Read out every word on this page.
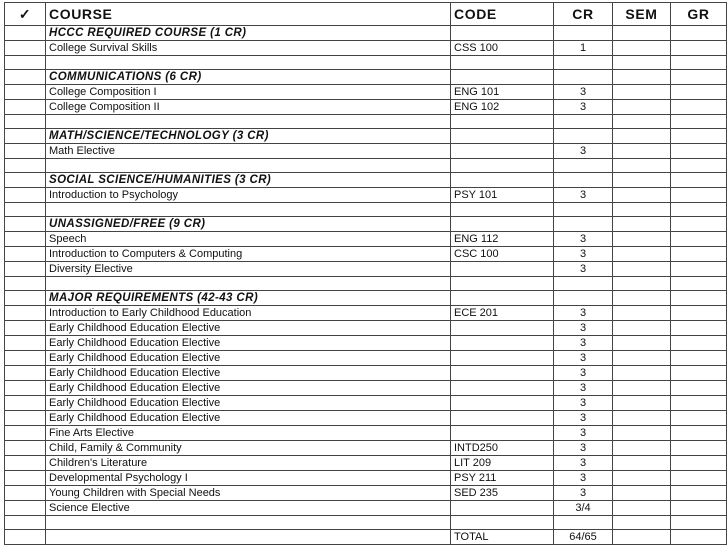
✓	COURSE	CODE	CR	SEM	GR
	HCCC REQUIRED COURSE (1 CR)				
	College Survival Skills	CSS 100	1		

	COMMUNICATIONS (6 CR)				
	College Composition I	ENG 101	3		
	College Composition II	ENG 102	3		

	MATH/SCIENCE/TECHNOLOGY (3 CR)				
	Math Elective		3		

	SOCIAL SCIENCE/HUMANITIES (3 CR)				
	Introduction to Psychology	PSY 101	3		

	UNASSIGNED/FREE (9 CR)				
	Speech	ENG 112	3		
	Introduction to Computers & Computing	CSC 100	3		
	Diversity Elective		3		

	MAJOR REQUIREMENTS (42-43 CR)				
	Introduction to Early Childhood Education	ECE 201	3		
	Early Childhood Education Elective		3		
	Early Childhood Education Elective		3		
	Early Childhood Education Elective		3		
	Early Childhood Education Elective		3		
	Early Childhood Education Elective		3		
	Early Childhood Education Elective		3		
	Early Childhood Education Elective		3		
	Fine Arts Elective		3		
	Child, Family & Community	INTD250	3		
	Children's Literature	LIT 209	3		
	Developmental Psychology I	PSY 211	3		
	Young Children with Special Needs	SED 235	3		
	Science Elective		3/4		

		TOTAL	64/65		
